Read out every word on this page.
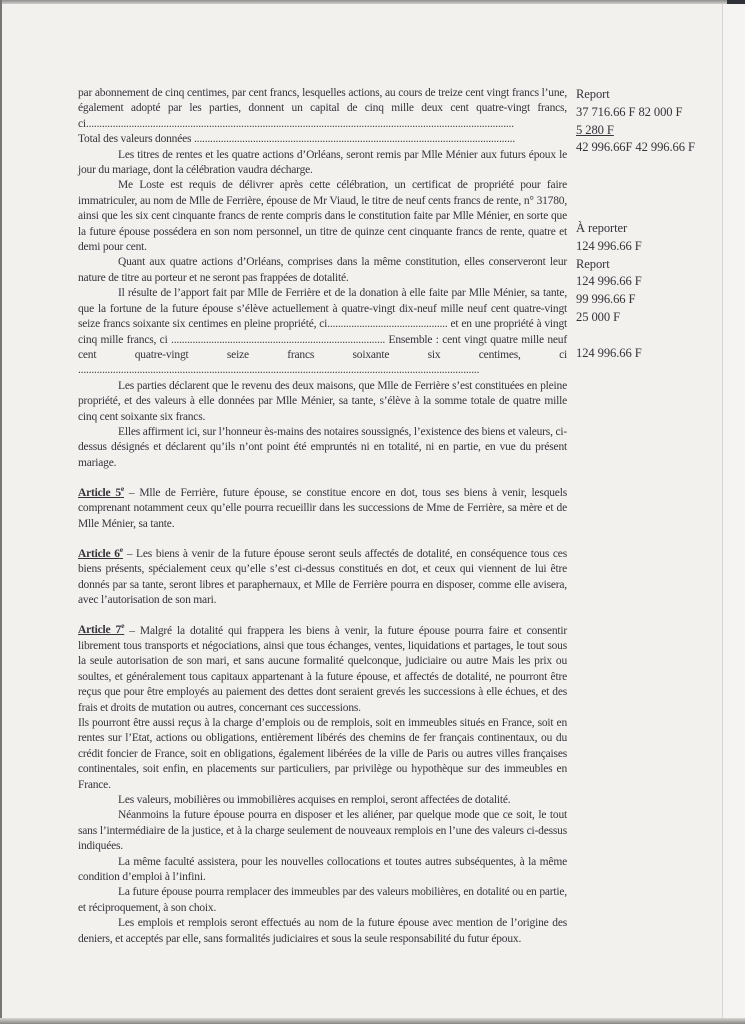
par abonnement de cinq centimes, par cent francs, lesquelles actions, au cours de treize cent vingt francs l’une, également adopté par les parties, donnent un capital de cinq mille deux cent quatre-vingt francs, ci................................................................................................................................................................

Total des valeurs données ........................................................................................................................

Les titres de rentes et les quatre actions d’Orléans, seront remis par Mlle Ménier aux futurs époux le jour du mariage, dont la célébration vaudra décharge.

Me Loste est requis de délivrer après cette célébration, un certificat de propriété pour faire immatriculer, au nom de Mlle de Ferrière, épouse de Mr Viaud, le titre de neuf cents francs de rente, n° 31780, ainsi que les six cent cinquante francs de rente compris dans le constitution faite par Mlle Ménier, en sorte que la future épouse possédera en son nom personnel, un titre de quinze cent cinquante francs de rente, quatre et demi pour cent.

Quant aux quatre actions d’Orléans, comprises dans la même constitution, elles conserveront leur nature de titre au porteur et ne seront pas frappées de dotalité.

Il résulte de l’apport fait par Mlle de Ferrière et de la donation à elle faite par Mlle Ménier, sa tante, que la fortune de la future épouse s’élève actuellement à quatre-vingt dix-neuf mille neuf cent quatre-vingt seize francs soixante six centimes en pleine propriété, ci............................................. et en une propriété à vingt cinq mille francs, ci ................................................................................ Ensemble : cent vingt quatre mille neuf cent quatre-vingt seize francs soixante six centimes, ci ......................................................................................................................................................

Les parties déclarent que le revenu des deux maisons, que Mlle de Ferrière s’est constituées en pleine propriété, et des valeurs à elle données par Mlle Ménier, sa tante, s’élève à la somme totale de quatre mille cinq cent soixante six francs.

Elles affirment ici, sur l’honneur ès-mains des notaires soussignés, l’existence des biens et valeurs, ci-dessus désignés et déclarent qu’ils n’ont point été empruntés ni en totalité, ni en partie, en vue du présent mariage.

Article 5e – Mlle de Ferrière, future épouse, se constitue encore en dot, tous ses biens à venir, lesquels comprenant notamment ceux qu’elle pourra recueillir dans les successions de Mme de Ferrière, sa mère et de Mlle Ménier, sa tante.

Article 6e – Les biens à venir de la future épouse seront seuls affectés de dotalité, en conséquence tous ces biens présents, spécialement ceux qu’elle s’est ci-dessus constitués en dot, et ceux qui viennent de lui être donnés par sa tante, seront libres et paraphernaux, et Mlle de Ferrière pourra en disposer, comme elle avisera, avec l’autorisation de son mari.

Article 7e – Malgré la dotalité qui frappera les biens à venir, la future épouse pourra faire et consentir librement tous transports et négociations, ainsi que tous échanges, ventes, liquidations et partages, le tout sous la seule autorisation de son mari, et sans aucune formalité quelconque, judiciaire ou autre Mais les prix ou soultes, et généralement tous capitaux appartenant à la future épouse, et affectés de dotalité, ne pourront être reçus que pour être employés au paiement des dettes dont seraient grevés les successions à elle échues, et des frais et droits de mutation ou autres, concernant ces successions.

Ils pourront être aussi reçus à la charge d’emplois ou de remplois, soit en immeubles situés en France, soit en rentes sur l’Etat, actions ou obligations, entièrement libérés des chemins de fer français continentaux, ou du crédit foncier de France, soit en obligations, également libérées de la ville de Paris ou autres villes françaises continentales, soit enfin, en placements sur particuliers, par privilège ou hypothèque sur des immeubles en France.

Les valeurs, mobilières ou immobilières acquises en remploi, seront affectées de dotalité.

Néanmoins la future épouse pourra en disposer et les aliéner, par quelque mode que ce soit, le tout sans l’intermédiaire de la justice, et à la charge seulement de nouveaux remplois en l’une des valeurs ci-dessus indiquées.

La même faculté assistera, pour les nouvelles collocations et toutes autres subséquentes, à la même condition d’emploi à l’infini.

La future épouse pourra remplacer des immeubles par des valeurs mobilières, en dotalité ou en partie, et réciproquement, à son choix.

Les emplois et remplois seront effectués au nom de la future épouse avec mention de l’origine des deniers, et acceptés par elle, sans formalités judiciaires et sous la seule responsabilité du futur époux.

Report
37 716.66 F 82 000 F
5 280 F
42 996.66F 42 996.66 F
À reporter
124 996.66 F
Report
124 996.66 F
99 996.66 F
25 000 F
124 996.66 F
